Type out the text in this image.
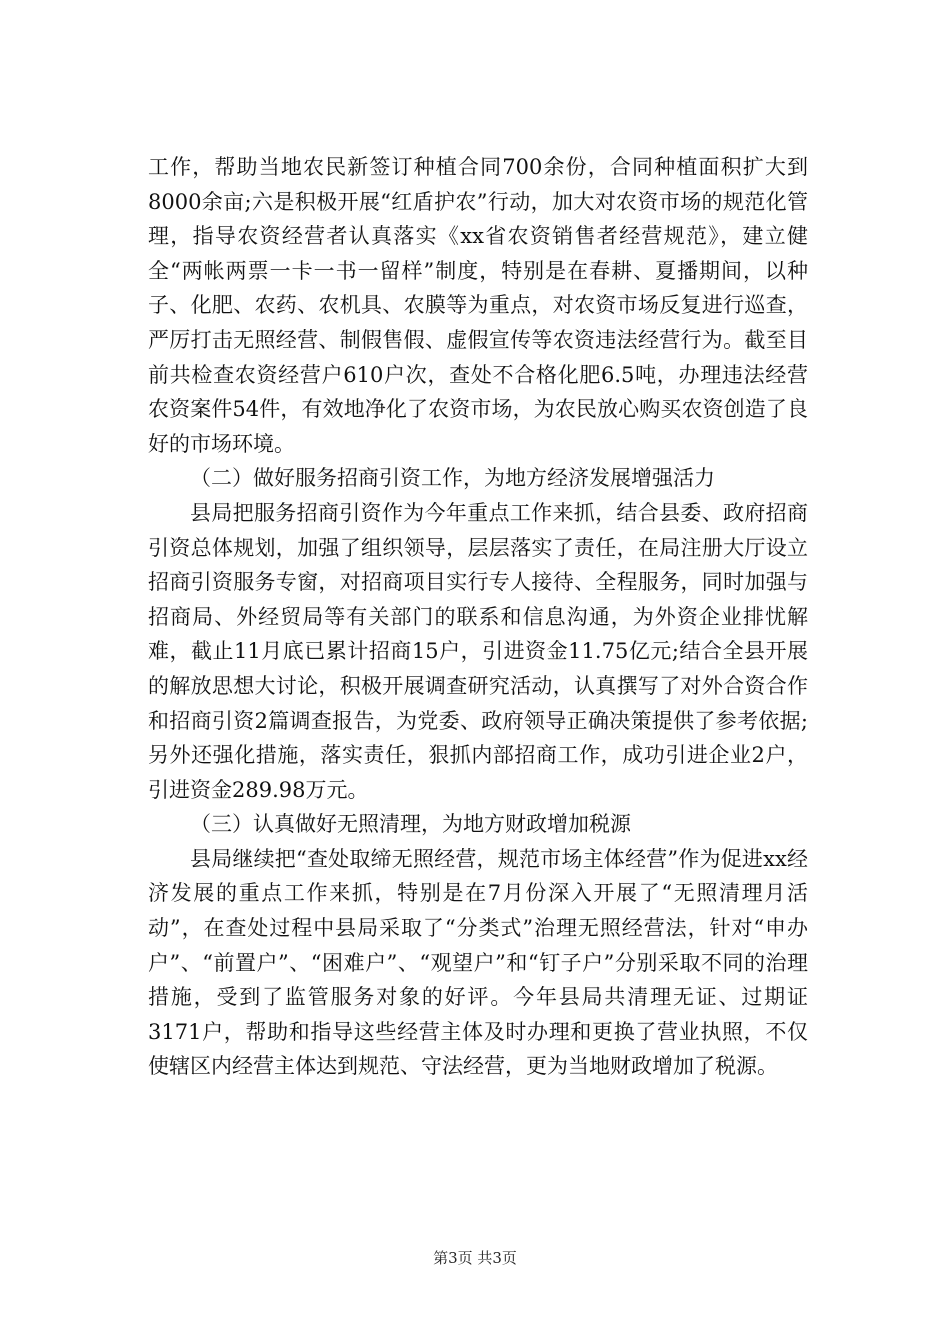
工作，帮助当地农民新签订种植合同700余份，合同种植面积扩大到8000余亩;六是积极开展“红盾护农”行动，加大对农资市场的规范化管理，指导农资经营者认真落实《xx省农资销售者经营规范》，建立健全“两帐两票一卡一书一留样”制度，特别是在春耕、夏播期间，以种子、化肥、农药、农机具、农膜等为重点，对农资市场反复进行巡查，严厉打击无照经营、制假售假、虚假宣传等农资违法经营行为。截至目前共检查农资经营户610户次，查处不合格化肥6.5吨，办理违法经营农资案件54件，有效地净化了农资市场，为农民放心购买农资创造了良好的市场环境。

（二）做好服务招商引资工作，为地方经济发展增强活力

县局把服务招商引资作为今年重点工作来抓，结合县委、政府招商引资总体规划，加强了组织领导，层层落实了责任，在局注册大厅设立招商引资服务专窗，对招商项目实行专人接待、全程服务，同时加强与招商局、外经贸局等有关部门的联系和信息沟通，为外资企业排忧解难，截止11月底已累计招商15户，引进资金11.75亿元;结合全县开展的解放思想大讨论，积极开展调查研究活动，认真撰写了对外合资合作和招商引资2篇调查报告，为党委、政府领导正确决策提供了参考依据;另外还强化措施，落实责任，狠抓内部招商工作，成功引进企业2户，引进资金289.98万元。

（三）认真做好无照清理，为地方财政增加税源

县局继续把“查处取缔无照经营，规范市场主体经营”作为促进xx经济发展的重点工作来抓，特别是在7月份深入开展了“无照清理月活动”，在查处过程中县局采取了“分类式”治理无照经营法，针对“申办户”、“前置户”、“困难户”、“观望户”和“钉子户”分别采取不同的治理措施，受到了监管服务对象的好评。今年县局共清理无证、过期证3171户，帮助和指导这些经营主体及时办理和更换了营业执照，不仅使辖区内经营主体达到规范、守法经营，更为当地财政增加了税源。

第3页 共3页
